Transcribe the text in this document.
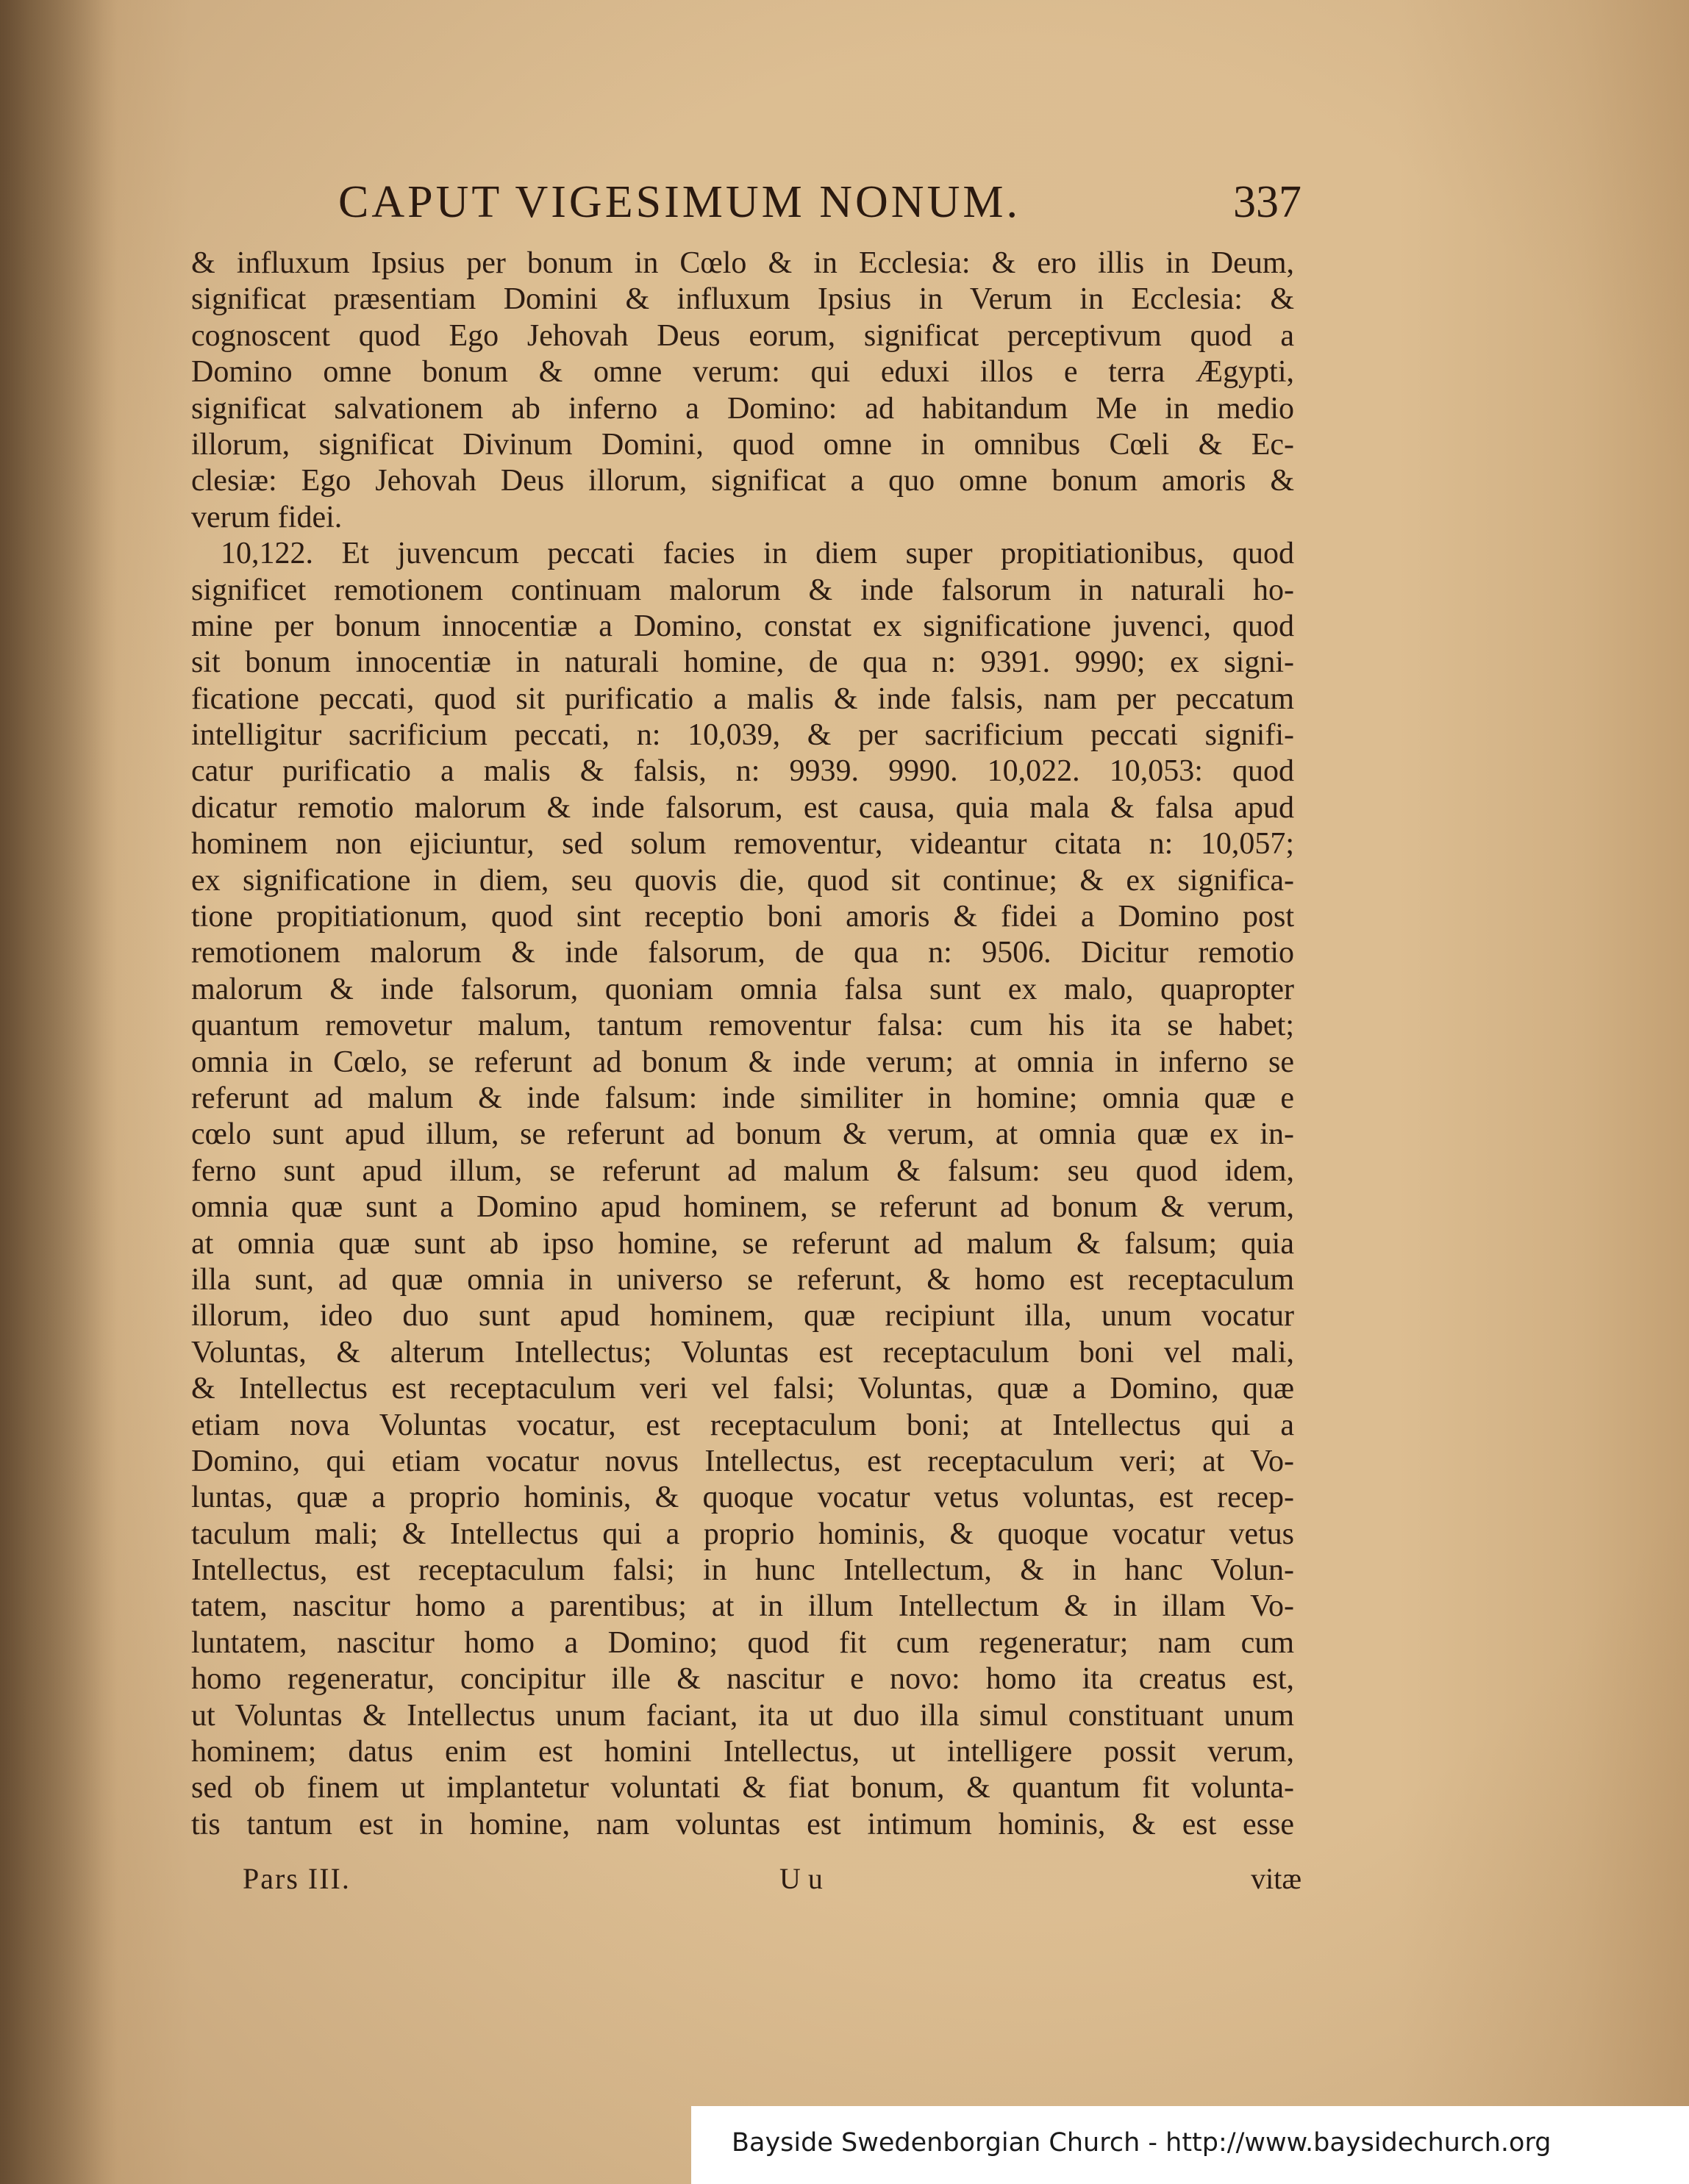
CAPUT VIGESIMUM NONUM.	337
& influxum Ipsius per bonum in Cœlo & in Ecclesia: & ero illis in Deum,
significat præsentiam Domini & influxum Ipsius in Verum in Ecclesia: &
cognoscent quod Ego Jehovah Deus eorum, significat perceptivum quod a
Domino omne bonum & omne verum: qui eduxi illos e terra Ægypti,
significat salvationem ab inferno a Domino: ad habitandum Me in medio
illorum, significat Divinum Domini, quod omne in omnibus Cœli & Ec-
clesiæ: Ego Jehovah Deus illorum, significat a quo omne bonum amoris &
verum fidei.
10,122. Et juvencum peccati facies in diem super propitiationibus, quod
significet remotionem continuam malorum & inde falsorum in naturali ho-
mine per bonum innocentiæ a Domino, constat ex significatione juvenci, quod
sit bonum innocentiæ in naturali homine, de qua n: 9391. 9990; ex signi-
ficatione peccati, quod sit purificatio a malis & inde falsis, nam per peccatum
intelligitur sacrificium peccati, n: 10,039, & per sacrificium peccati signifi-
catur purificatio a malis & falsis, n: 9939. 9990. 10,022. 10,053: quod
dicatur remotio malorum & inde falsorum, est causa, quia mala & falsa apud
hominem non ejiciuntur, sed solum removentur, videantur citata n: 10,057;
ex significatione in diem, seu quovis die, quod sit continue; & ex significa-
tione propitiationum, quod sint receptio boni amoris & fidei a Domino post
remotionem malorum & inde falsorum, de qua n: 9506. Dicitur remotio
malorum & inde falsorum, quoniam omnia falsa sunt ex malo, quapropter
quantum removetur malum, tantum removentur falsa: cum his ita se habet;
omnia in Cœlo, se referunt ad bonum & inde verum; at omnia in inferno se
referunt ad malum & inde falsum: inde similiter in homine; omnia quæ e
cœlo sunt apud illum, se referunt ad bonum & verum, at omnia quæ ex in-
ferno sunt apud illum, se referunt ad malum & falsum: seu quod idem,
omnia quæ sunt a Domino apud hominem, se referunt ad bonum & verum,
at omnia quæ sunt ab ipso homine, se referunt ad malum & falsum; quia
illa sunt, ad quæ omnia in universo se referunt, & homo est receptaculum
illorum, ideo duo sunt apud hominem, quæ recipiunt illa, unum vocatur
Voluntas, & alterum Intellectus; Voluntas est receptaculum boni vel mali,
& Intellectus est receptaculum veri vel falsi; Voluntas, quæ a Domino, quæ
etiam nova Voluntas vocatur, est receptaculum boni; at Intellectus qui a
Domino, qui etiam vocatur novus Intellectus, est receptaculum veri; at Vo-
luntas, quæ a proprio hominis, & quoque vocatur vetus voluntas, est recep-
taculum mali; & Intellectus qui a proprio hominis, & quoque vocatur vetus
Intellectus, est receptaculum falsi; in hunc Intellectum, & in hanc Volun-
tatem, nascitur homo a parentibus; at in illum Intellectum & in illam Vo-
luntatem, nascitur homo a Domino; quod fit cum regeneratur; nam cum
homo regeneratur, concipitur ille & nascitur e novo: homo ita creatus est,
ut Voluntas & Intellectus unum faciant, ita ut duo illa simul constituant unum
hominem; datus enim est homini Intellectus, ut intelligere possit verum,
sed ob finem ut implantetur voluntati & fiat bonum, & quantum fit volunta-
tis tantum est in homine, nam voluntas est intimum hominis, & est esse
Pars III.	U u	vitæ
Bayside Swedenborgian Church - http://www.baysidechurch.org
